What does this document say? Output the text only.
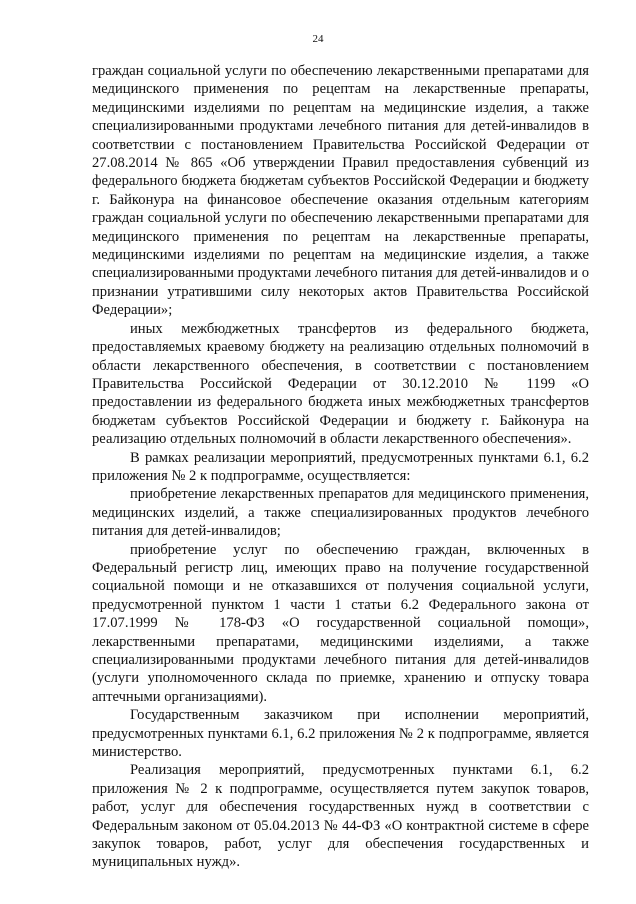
24

граждан социальной услуги по обеспечению лекарственными препаратами для медицинского применения по рецептам на лекарственные препараты, медицинскими изделиями по рецептам на медицинские изделия, а также специализированными продуктами лечебного питания для детей-инвалидов в соответствии с постановлением Правительства Российской Федерации от 27.08.2014 № 865 «Об утверждении Правил предоставления субвенций из федерального бюджета бюджетам субъектов Российской Федерации и бюджету г. Байконура на финансовое обеспечение оказания отдельным категориям граждан социальной услуги по обеспечению лекарственными препаратами для медицинского применения по рецептам на лекарственные препараты, медицинскими изделиями по рецептам на медицинские изделия, а также специализированными продуктами лечебного питания для детей-инвалидов и о признании утратившими силу некоторых актов Правительства Российской Федерации»;

иных межбюджетных трансфертов из федерального бюджета, предоставляемых краевому бюджету на реализацию отдельных полномочий в области лекарственного обеспечения, в соответствии с постановлением Правительства Российской Федерации от 30.12.2010 № 1199 «О предоставлении из федерального бюджета иных межбюджетных трансфертов бюджетам субъектов Российской Федерации и бюджету г. Байконура на реализацию отдельных полномочий в области лекарственного обеспечения».

В рамках реализации мероприятий, предусмотренных пунктами 6.1, 6.2 приложения № 2 к подпрограмме, осуществляется:

приобретение лекарственных препаратов для медицинского применения, медицинских изделий, а также специализированных продуктов лечебного питания для детей-инвалидов;

приобретение услуг по обеспечению граждан, включенных в Федеральный регистр лиц, имеющих право на получение государственной социальной помощи и не отказавшихся от получения социальной услуги, предусмотренной пунктом 1 части 1 статьи 6.2 Федерального закона от 17.07.1999 № 178-ФЗ «О государственной социальной помощи», лекарственными препаратами, медицинскими изделиями, а также специализированными продуктами лечебного питания для детей-инвалидов (услуги уполномоченного склада по приемке, хранению и отпуску товара аптечными организациями).

Государственным заказчиком при исполнении мероприятий, предусмотренных пунктами 6.1, 6.2 приложения № 2 к подпрограмме, является министерство.

Реализация мероприятий, предусмотренных пунктами 6.1, 6.2 приложения № 2 к подпрограмме, осуществляется путем закупок товаров, работ, услуг для обеспечения государственных нужд в соответствии с Федеральным законом от 05.04.2013 № 44-ФЗ «О контрактной системе в сфере закупок товаров, работ, услуг для обеспечения государственных и муниципальных нужд».
